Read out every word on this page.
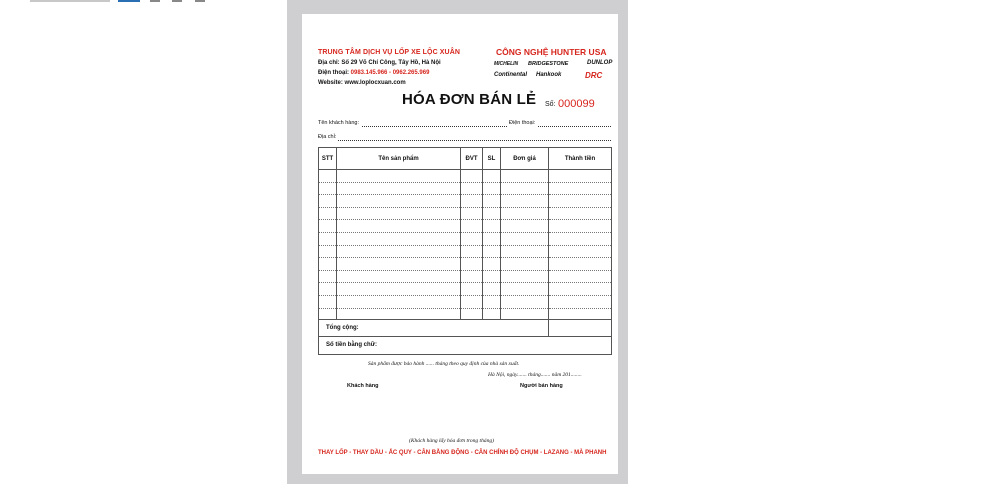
TRUNG TÂM DỊCH VỤ LỐP XE LỘC XUÂN
Địa chỉ: Số 29 Võ Chí Công, Tây Hồ, Hà Nội
Điện thoại: 0983.145.966 - 0962.265.969
Website: www.loplocxuan.com
CÔNG NGHỆ HUNTER USA
MICHELIN BRIDGESTONE	DUNLOP
Continental Hankook	DRC
HÓA ĐƠN BÁN LẺ Số: 000099
Tên khách hàng:	Điện thoại:
Địa chỉ:
STT	Tên sản phẩm	ĐVT	SL	Đơn giá	Thành tiền

Tổng cộng:
Số tiền bằng chữ:
Sản phẩm được bảo hành ...... tháng theo quy định của nhà sản xuất.
Hà Nội, ngày....... tháng....... năm 201........
Khách hàng	Người bán hàng
(Khách hàng lấy hóa đơn trong tháng)
THAY LỐP - THAY DẦU - ẮC QUY - CÂN BẰNG ĐỘNG - CÂN CHỈNH ĐỘ CHỤM - LAZANG - MÀ PHANH
